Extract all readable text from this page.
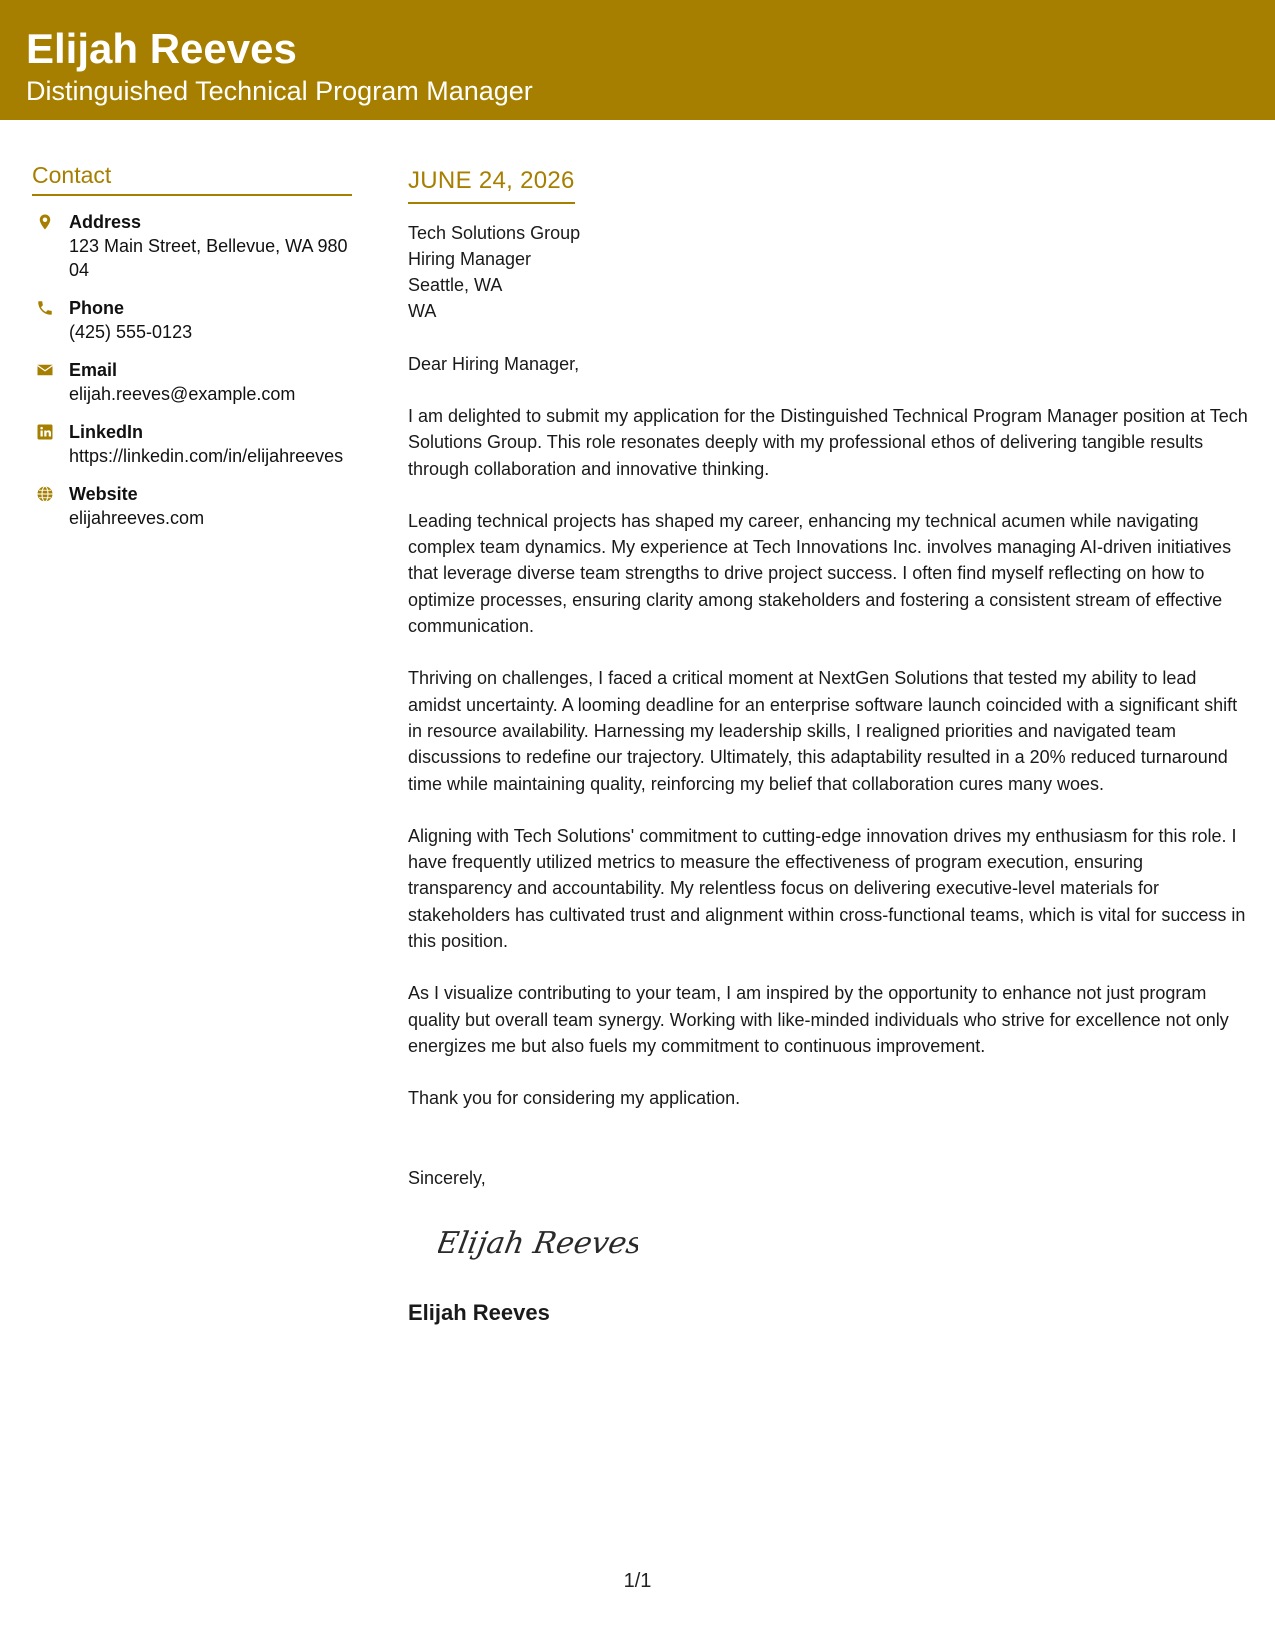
Elijah Reeves
Distinguished Technical Program Manager
Contact
Address
123 Main Street, Bellevue, WA 98004
Phone
(425) 555-0123
Email
elijah.reeves@example.com
LinkedIn
https://linkedin.com/in/elijahreeves
Website
elijahreeves.com
JUNE 24, 2026
Tech Solutions Group
Hiring Manager
Seattle, WA
WA
Dear Hiring Manager,
I am delighted to submit my application for the Distinguished Technical Program Manager position at Tech Solutions Group. This role resonates deeply with my professional ethos of delivering tangible results through collaboration and innovative thinking.
Leading technical projects has shaped my career, enhancing my technical acumen while navigating complex team dynamics. My experience at Tech Innovations Inc. involves managing AI-driven initiatives that leverage diverse team strengths to drive project success. I often find myself reflecting on how to optimize processes, ensuring clarity among stakeholders and fostering a consistent stream of effective communication.
Thriving on challenges, I faced a critical moment at NextGen Solutions that tested my ability to lead amidst uncertainty. A looming deadline for an enterprise software launch coincided with a significant shift in resource availability. Harnessing my leadership skills, I realigned priorities and navigated team discussions to redefine our trajectory. Ultimately, this adaptability resulted in a 20% reduced turnaround time while maintaining quality, reinforcing my belief that collaboration cures many woes.
Aligning with Tech Solutions' commitment to cutting-edge innovation drives my enthusiasm for this role. I have frequently utilized metrics to measure the effectiveness of program execution, ensuring transparency and accountability. My relentless focus on delivering executive-level materials for stakeholders has cultivated trust and alignment within cross-functional teams, which is vital for success in this position.
As I visualize contributing to your team, I am inspired by the opportunity to enhance not just program quality but overall team synergy. Working with like-minded individuals who strive for excellence not only energizes me but also fuels my commitment to continuous improvement.
Thank you for considering my application.
Sincerely,
Elijah Reeves
Elijah Reeves
1/1
